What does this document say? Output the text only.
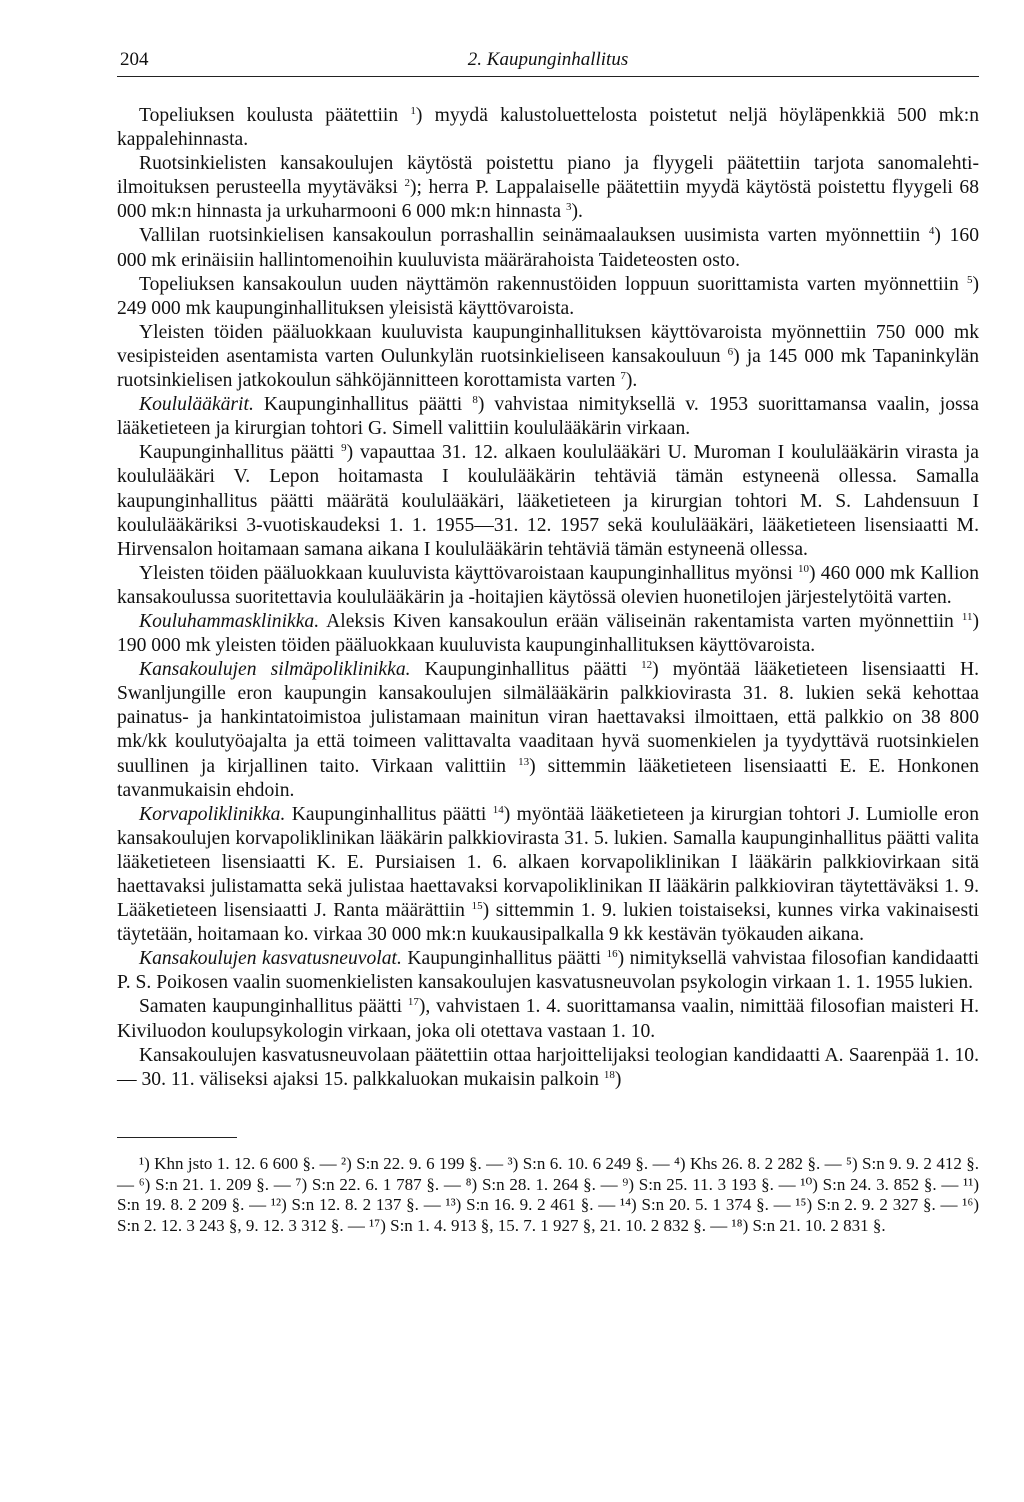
204	2. Kaupunginhallitus

Topeliuksen koulusta päätettiin $^1$) myydä kalustoluettelosta poistetut neljä höyläpenkkiä 500 mk:n kappalehinnasta.

Ruotsinkielisten kansakoulujen käytöstä poistettu piano ja flyygeli päätettiin tarjota sanomalehti-ilmoituksen perusteella myytäväksi $^2$); herra P. Lappalaiselle päätettiin myydä käytöstä poistettu flyygeli 68 000 mk:n hinnasta ja urkuharmooni 6 000 mk:n hinnasta $^3$).

Vallilan ruotsinkielisen kansakoulun porrashallin seinämaalauksen uusimista varten myönnettiin $^4$) 160 000 mk erinäisiin hallintomenoihin kuuluvista määrärahoista Taideteosten osto.

Topeliuksen kansakoulun uuden näyttämön rakennustöiden loppuun suorittamista varten myönnettiin $^5$) 249 000 mk kaupunginhallituksen yleisistä käyttövaroista.

Yleisten töiden pääluokkaan kuuluvista kaupunginhallituksen käyttövaroista myönnettiin 750 000 mk vesipisteiden asentamista varten Oulunkylän ruotsinkieliseen kansakouluun $^6$) ja 145 000 mk Tapaninkylän ruotsinkielisen jatkokoulun sähköjännitteen korottamista varten $^7$).

Koululääkärit. Kaupunginhallitus päätti $^8$) vahvistaa nimityksellä v. 1953 suorittamansa vaalin, jossa lääketieteen ja kirurgian tohtori G. Simell valittiin koululääkärin virkaan.

Kaupunginhallitus päätti $^9$) vapauttaa 31. 12. alkaen koululääkäri U. Muroman I koululääkärin virasta ja koululääkäri V. Lepon hoitamasta I koululääkärin tehtäviä tämän estyneenä ollessa. Samalla kaupunginhallitus päätti määrätä koululääkäri, lääketieteen ja kirurgian tohtori M. S. Lahdensuun I koululääkäriksi 3-vuotiskaudeksi 1. 1. 1955—31. 12. 1957 sekä koululääkäri, lääketieteen lisensiaatti M. Hirvensalon hoitamaan samana aikana I koululääkärin tehtäviä tämän estyneenä ollessa.

Yleisten töiden pääluokkaan kuuluvista käyttövaroistaan kaupunginhallitus myönsi $^{10}$) 460 000 mk Kallion kansakoulussa suoritettavia koululääkärin ja -hoitajien käytössä olevien huonetilojen järjestelytöitä varten.

Kouluhammasklinikka. Aleksis Kiven kansakoulun erään väliseinän rakentamista varten myönnettiin $^{11}$) 190 000 mk yleisten töiden pääluokkaan kuuluvista kaupunginhallituksen käyttövaroista.

Kansakoulujen silmäpoliklinikka. Kaupunginhallitus päätti $^{12}$) myöntää lääketieteen lisensiaatti H. Swanljungille eron kaupungin kansakoulujen silmälääkärin palkkiovirasta 31. 8. lukien sekä kehottaa painatus- ja hankintatoimistoa julistamaan mainitun viran haettavaksi ilmoittaen, että palkkio on 38 800 mk/kk koulutyöajalta ja että toimeen valittavalta vaaditaan hyvä suomenkielen ja tyydyttävä ruotsinkielen suullinen ja kirjallinen taito. Virkaan valittiin $^{13}$) sittemmin lääketieteen lisensiaatti E. E. Honkonen tavanmukaisin ehdoin.

Korvapoliklinikka. Kaupunginhallitus päätti $^{14}$) myöntää lääketieteen ja kirurgian tohtori J. Lumiolle eron kansakoulujen korvapoliklinikan lääkärin palkkiovirasta 31. 5. lukien. Samalla kaupunginhallitus päätti valita lääketieteen lisensiaatti K. E. Pursiaisen 1. 6. alkaen korvapoliklinikan I lääkärin palkkiovirkaan sitä haettavaksi julistamatta sekä julistaa haettavaksi korvapoliklinikan II lääkärin palkkioviran täytettäväksi 1. 9. Lääketieteen lisensiaatti J. Ranta määrättiin $^{15}$) sittemmin 1. 9. lukien toistaiseksi, kunnes virka vakinaisesti täytetään, hoitamaan ko. virkaa 30 000 mk:n kuukausipalkalla 9 kk kestävän työkauden aikana.

Kansakoulujen kasvatusneuvolat. Kaupunginhallitus päätti $^{16}$) nimityksellä vahvistaa filosofian kandidaatti P. S. Poikosen vaalin suomenkielisten kansakoulujen kasvatusneuvolan psykologin virkaan 1. 1. 1955 lukien.

Samaten kaupunginhallitus päätti $^{17}$), vahvistaen 1. 4. suorittamansa vaalin, nimittää filosofian maisteri H. Kiviluodon koulupsykologin virkaan, joka oli otettava vastaan 1. 10.

Kansakoulujen kasvatusneuvolaan päätettiin ottaa harjoittelijaksi teologian kandidaatti A. Saarenpää 1. 10. — 30. 11. väliseksi ajaksi 15. palkkaluokan mukaisin palkoin $^{18}$)

¹) Khn jsto 1. 12. 6 600 §. — ²) S:n 22. 9. 6 199 §. — ³) S:n 6. 10. 6 249 §. — ⁴) Khs 26. 8. 2 282 §. — ⁵) S:n 9. 9. 2 412 §. — ⁶) S:n 21. 1. 209 §. — ⁷) S:n 22. 6. 1 787 §. — ⁸) S:n 28. 1. 264 §. — ⁹) S:n 25. 11. 3 193 §. — ¹⁰) S:n 24. 3. 852 §. — ¹¹) S:n 19. 8. 2 209 §. — ¹²) S:n 12. 8. 2 137 §. — ¹³) S:n 16. 9. 2 461 §. — ¹⁴) S:n 20. 5. 1 374 §. — ¹⁵) S:n 2. 9. 2 327 §. — ¹⁶) S:n 2. 12. 3 243 §, 9. 12. 3 312 §. — ¹⁷) S:n 1. 4. 913 §, 15. 7. 1 927 §, 21. 10. 2 832 §. — ¹⁸) S:n 21. 10. 2 831 §.
